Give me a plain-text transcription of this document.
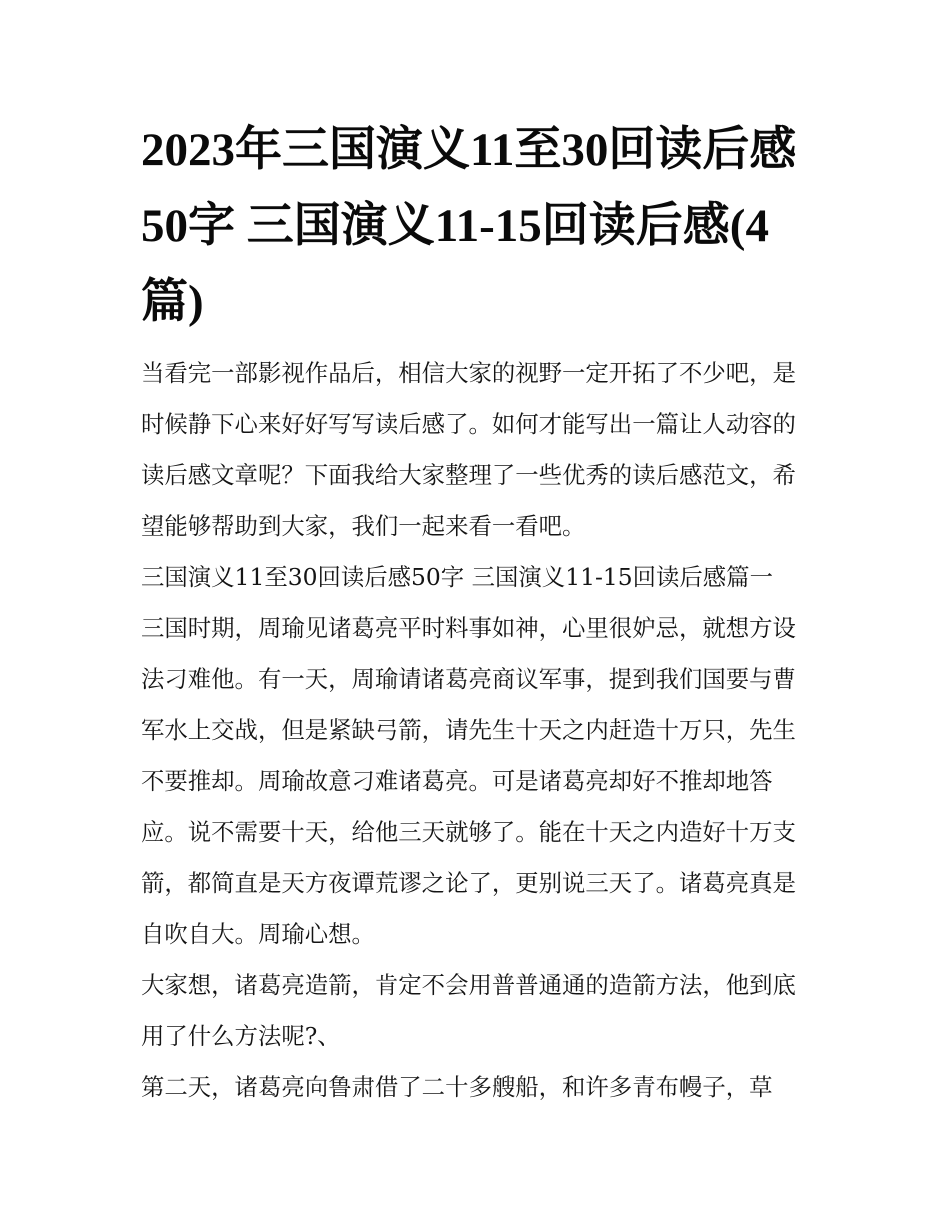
2023年三国演义11至30回读后感50字 三国演义11-15回读后感(4篇)

当看完一部影视作品后，相信大家的视野一定开拓了不少吧，是时候静下心来好好写写读后感了。如何才能写出一篇让人动容的读后感文章呢？下面我给大家整理了一些优秀的读后感范文，希望能够帮助到大家，我们一起来看一看吧。

三国演义11至30回读后感50字 三国演义11-15回读后感篇一

三国时期，周瑜见诸葛亮平时料事如神，心里很妒忌，就想方设法刁难他。有一天，周瑜请诸葛亮商议军事，提到我们国要与曹军水上交战，但是紧缺弓箭，请先生十天之内赶造十万只，先生不要推却。周瑜故意刁难诸葛亮。可是诸葛亮却好不推却地答应。说不需要十天，给他三天就够了。能在十天之内造好十万支箭，都简直是天方夜谭荒谬之论了，更别说三天了。诸葛亮真是自吹自大。周瑜心想。

大家想，诸葛亮造箭，肯定不会用普普通通的造箭方法，他到底用了什么方法呢?、

第二天，诸葛亮向鲁肃借了二十多艘船，和许多青布幔子，草
